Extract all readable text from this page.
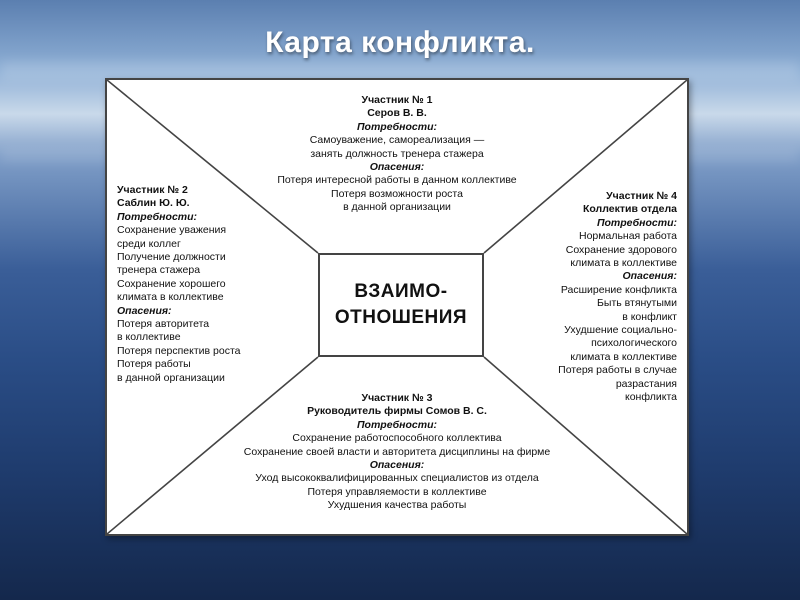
Карта конфликта.
Участник № 1
Серов В. В.
Потребности:
Самоуважение, самореализация —
занять должность тренера стажера
Опасения:
Потеря интересной работы в данном коллективе
Потеря возможности роста
в данной организации
Участник № 2
Саблин Ю. Ю.
Потребности:
Сохранение уважения
среди коллег
Получение должности
тренера стажера
Сохранение хорошего
климата в коллективе
Опасения:
Потеря авторитета
в коллективе
Потеря перспектив роста
Потеря работы
в данной организации
Участник № 4
Коллектив отдела
Потребности:
Нормальная работа
Сохранение здорового
климата в коллективе
Опасения:
Расширение конфликта
Быть втянутыми
в конфликт
Ухудшение социально-
психологического
климата в коллективе
Потеря работы в случае
разрастания
конфликта
ВЗАИМО-
ОТНОШЕНИЯ
Участник № 3
Руководитель фирмы Сомов В. С.
Потребности:
Сохранение работоспособного коллектива
Сохранение своей власти и авторитета дисциплины на фирме
Опасения:
Уход высококвалифицированных специалистов из отдела
Потеря управляемости в коллективе
Ухудшения качества работы
